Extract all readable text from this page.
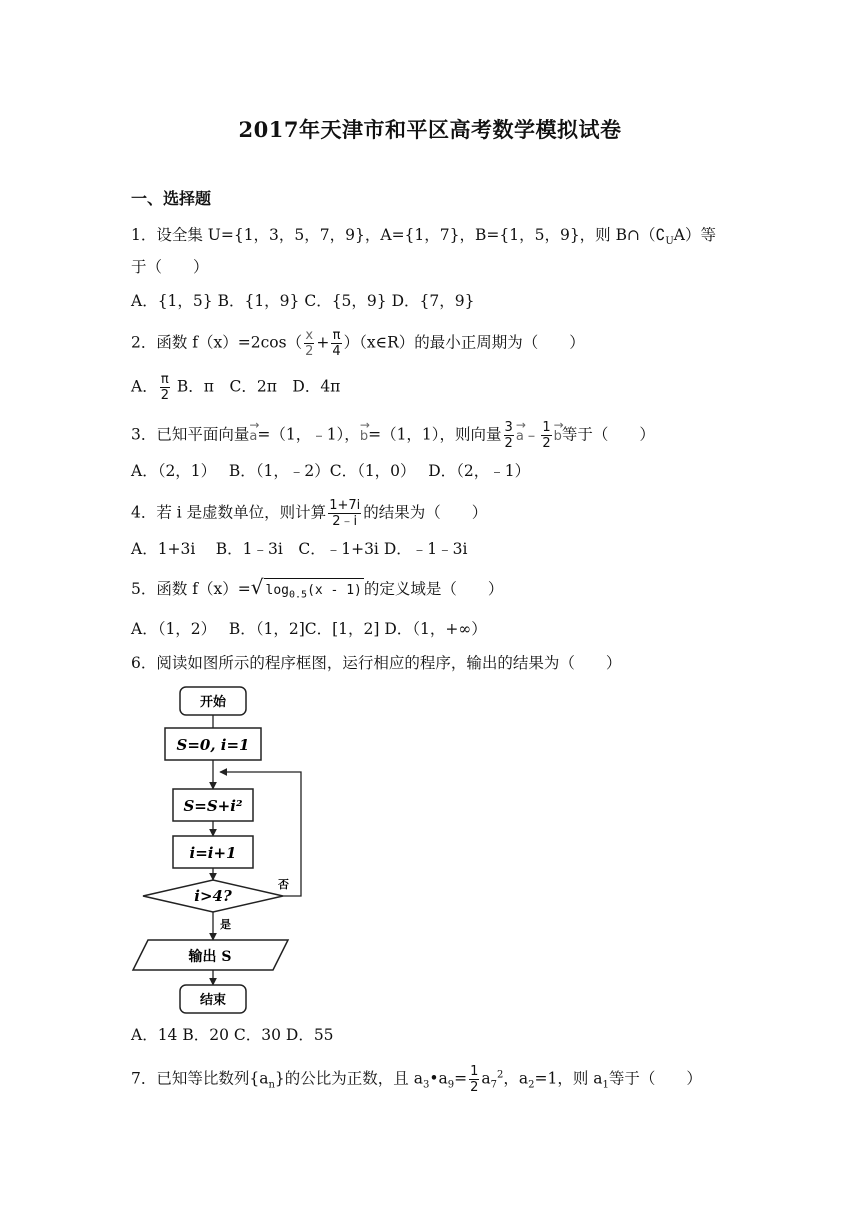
2017年天津市和平区高考数学模拟试卷
一、选择题
1．设全集 U={1，3，5，7，9}，A={1，7}，B={1，5，9}，则 $B\cap(∁_UA)$等
于（　　）
A．{1，5} B．{1，9} C．{5，9} D．{7，9}
2．函数 $f(x)=2\cos( \frac{x}{2} + \frac{\pi}{4}$ ）（x∈R）的最小正周期为（　　）
A． $\frac{\pi}{2}$ B．π　C．2π　D．4π
3．已知平面向量→ a=（1，﹣1），→ b=（1，1），则向量 $\frac{3}{2}$
→ a﹣ $\frac{1}{2}$
→ b等于（　　）
A．（2，1）　 B．（1，﹣2）C．（1，0）　 D．（2，﹣1）
4．若 i 是虚数单位，则计算 $\frac{1+7i}{2﹣i}$ 的结果为（　　）
A．1+3i　 B．1﹣3i　C．﹣1+3i D．﹣1﹣3i
5．函数 f（x）=√ $\log_{0.5}(x - 1)$ 的定义域是（　　）
A．（1，2）　 B．（1，2]C．[1，2] D．（1，+∞）
6．阅读如图所示的程序框图，运行相应的程序，输出的结果为（　　）
开始
S=0, i=1
S=S+i²
i=i+1
i>4?
否
是
输出 S
结束
A．14 B．20 C．30 D．55
7．已知等比数列$\{a_n\}$的公比为正数，且 $a_3•a_9= \frac{1}{2} a_7^2$，$a_2=1$，则 $a_1$等于（　　）
